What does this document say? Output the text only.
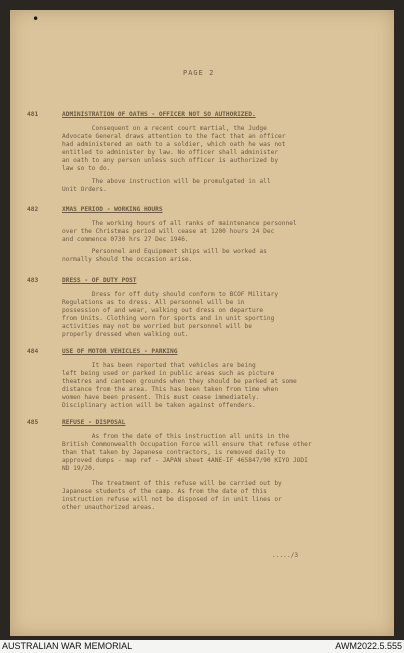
•
PAGE 2
481	ADMINISTRATION OF OATHS - OFFICER NOT SO AUTHORIZED.
Consequent on a recent court martial, the Judge
Advocate General draws attention to the fact that an officer
had administered an oath to a soldier, which oath he was not
entitled to administer by law. No officer shall administer
an oath to any person unless such officer is authorized by
law so to do.
The above instruction will be promulgated in all
Unit Orders.
482	XMAS PERIOD - WORKING HOURS
The working hours of all ranks of maintenance personnel
over the Christmas period will cease at 1200 hours 24 Dec
and commence 0730 hrs 27 Dec 1946.
Personnel and Equipment ships will be worked as
normally should the occasion arise.
483	DRESS - OF DUTY POST
Dress for off duty should conform to BCOF Military
Regulations as to dress. All personnel will be in
possession of and wear, walking out dress on departure
from Units. Clothing worn for sports and in unit sporting
activities may not be worried but personnel will be
properly dressed when walking out.
484	USE OF MOTOR VEHICLES - PARKING
It has been reported that vehicles are being
left being used or parked in public areas such as picture
theatres and canteen grounds when they should be parked at some
distance from the area. This has been taken from time when
women have been present. This must cease immediately.
Disciplinary action will be taken against offenders.
485	REFUSE - DISPOSAL
As from the date of this instruction all units in the
British Commonwealth Occupation Force will ensure that refuse other
than that taken by Japanese contractors, is removed daily to
approved dumps - map ref - JAPAN sheet 4ANE-IF 465847/90 KIYO JODI
ND 19/20.
The treatment of this refuse will be carried out by
Japanese students of the camp. As from the date of this
instruction refuse will not be disposed of in unit lines or
other unauthorized areas.
...../3
AUSTRALIAN WAR MEMORIAL	AWM2022.5.555
